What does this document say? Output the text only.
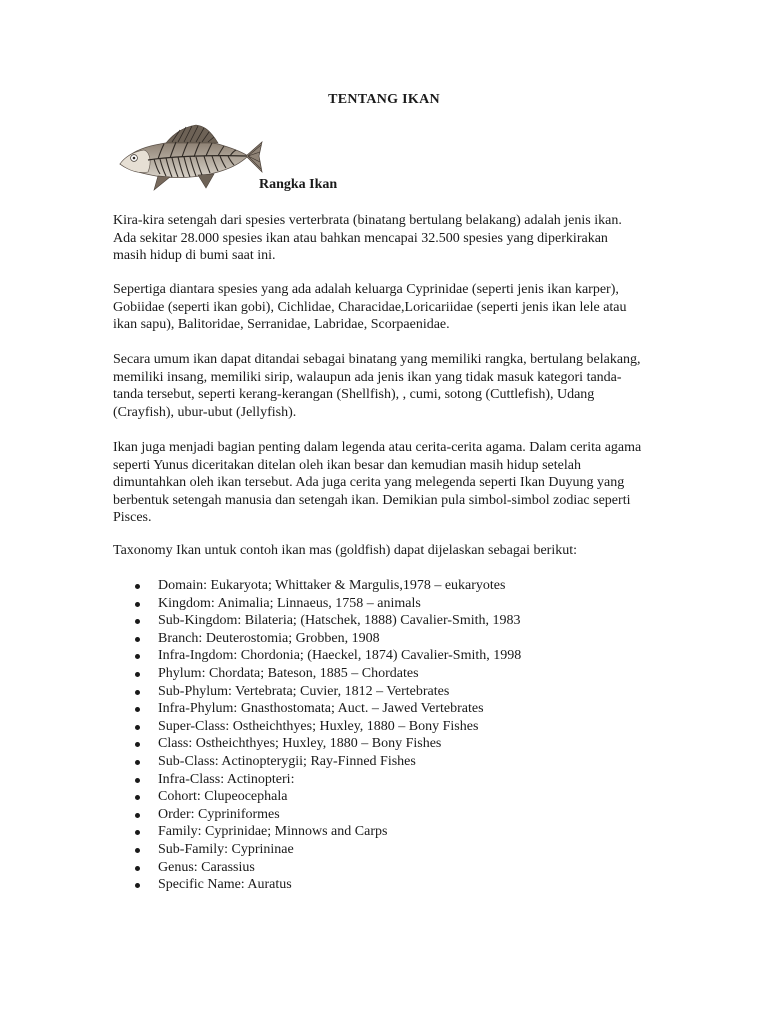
TENTANG IKAN
Rangka Ikan

Kira-kira setengah dari spesies verterbrata (binatang bertulang belakang) adalah jenis ikan. Ada sekitar 28.000 spesies ikan atau bahkan mencapai 32.500 spesies yang diperkirakan masih hidup di bumi saat ini.

Sepertiga diantara spesies yang ada adalah keluarga Cyprinidae (seperti jenis ikan karper), Gobiidae (seperti ikan gobi), Cichlidae, Characidae,Loricariidae (seperti jenis ikan lele atau ikan sapu), Balitoridae, Serranidae, Labridae, Scorpaenidae.

Secara umum ikan dapat ditandai sebagai binatang yang memiliki rangka, bertulang belakang, memiliki insang, memiliki sirip, walaupun ada jenis ikan yang tidak masuk kategori tanda-tanda tersebut, seperti kerang-kerangan (Shellfish), , cumi, sotong (Cuttlefish), Udang (Crayfish), ubur-ubut (Jellyfish).

Ikan juga menjadi bagian penting dalam legenda atau cerita-cerita agama. Dalam cerita agama seperti Yunus diceritakan ditelan oleh ikan besar dan kemudian masih hidup setelah dimuntahkan oleh ikan tersebut. Ada juga cerita yang melegenda seperti Ikan Duyung yang berbentuk setengah manusia dan setengah ikan. Demikian pula simbol-simbol zodiac seperti Pisces.

Taxonomy Ikan untuk contoh ikan mas (goldfish) dapat dijelaskan sebagai berikut:

Domain: Eukaryota; Whittaker & Margulis,1978 – eukaryotes
Kingdom: Animalia; Linnaeus, 1758 – animals
Sub-Kingdom: Bilateria; (Hatschek, 1888) Cavalier-Smith, 1983
Branch: Deuterostomia; Grobben, 1908
Infra-Ingdom: Chordonia; (Haeckel, 1874) Cavalier-Smith, 1998
Phylum: Chordata; Bateson, 1885 – Chordates
Sub-Phylum: Vertebrata; Cuvier, 1812 – Vertebrates
Infra-Phylum: Gnasthostomata; Auct. – Jawed Vertebrates
Super-Class: Ostheichthyes; Huxley, 1880 – Bony Fishes
Class: Ostheichthyes; Huxley, 1880 – Bony Fishes
Sub-Class: Actinopterygii; Ray-Finned Fishes
Infra-Class: Actinopteri:
Cohort: Clupeocephala
Order: Cypriniformes
Family: Cyprinidae; Minnows and Carps
Sub-Family: Cyprininae
Genus: Carassius
Specific Name: Auratus
